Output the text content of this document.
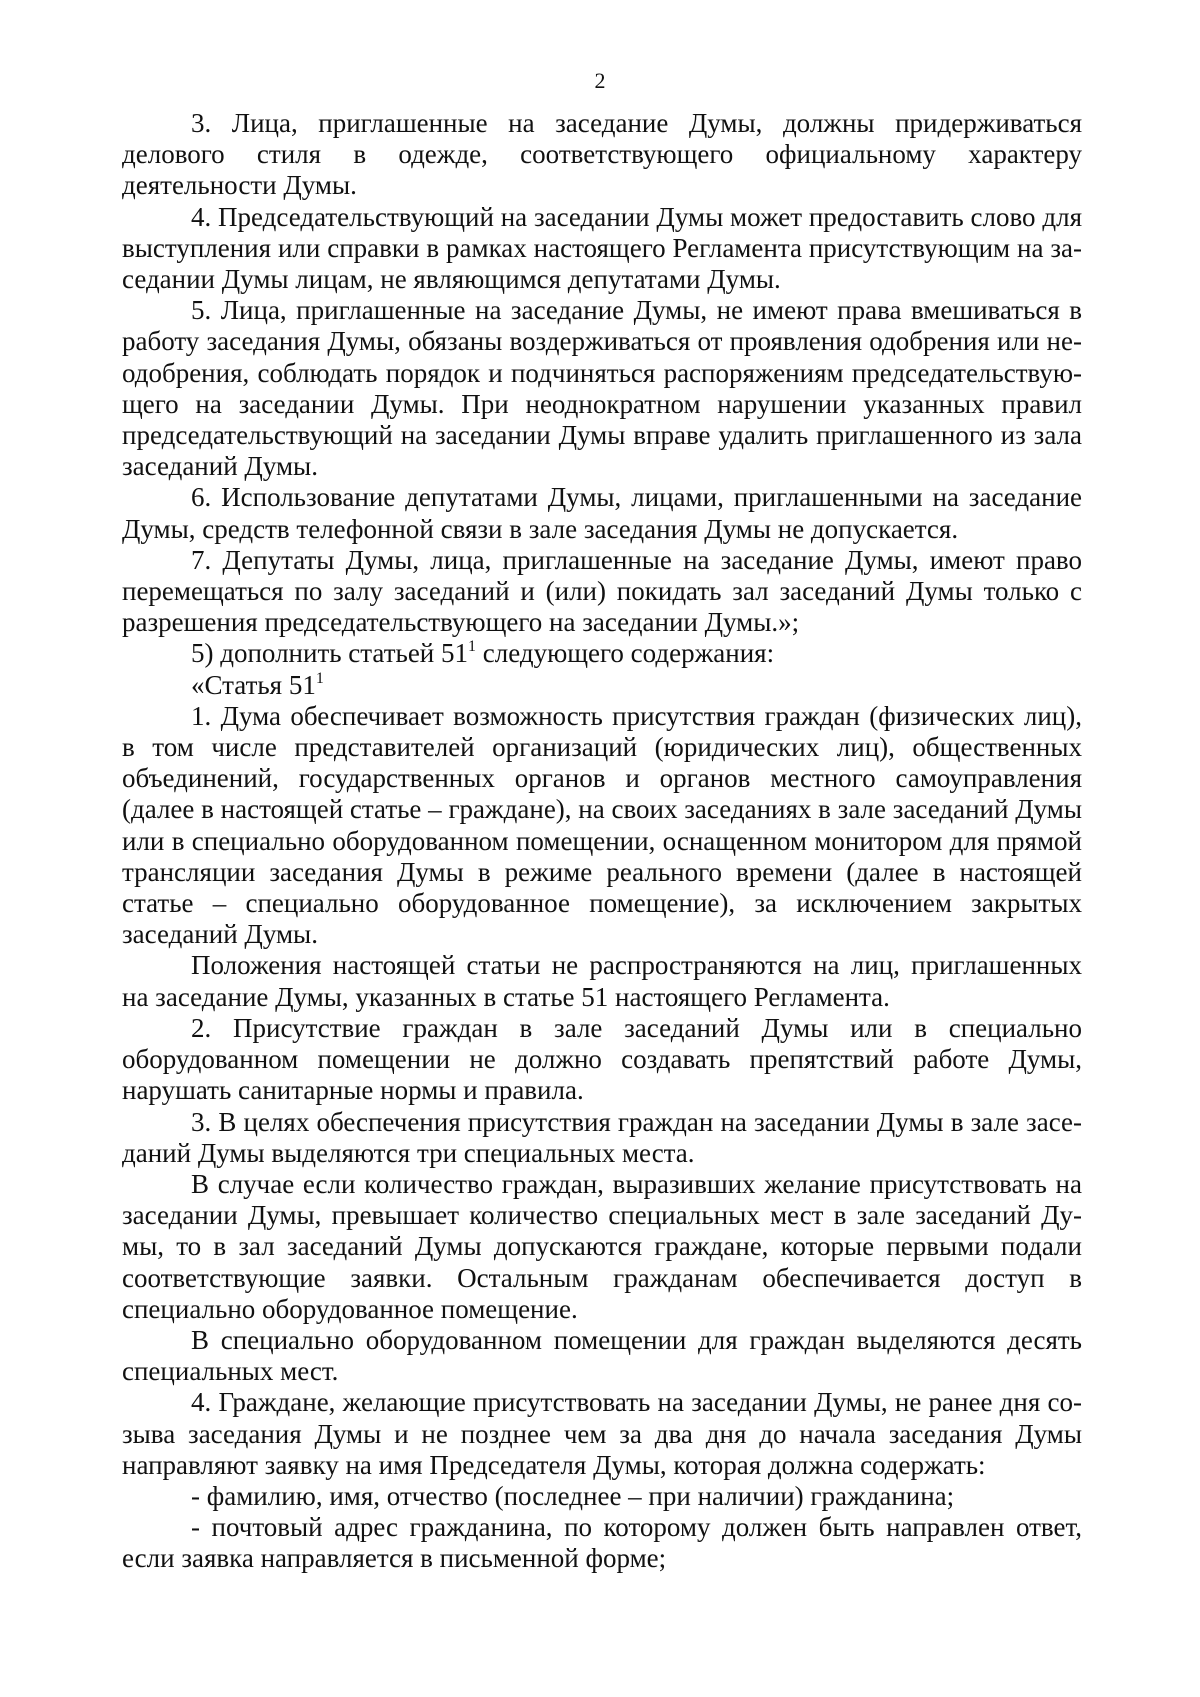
2

3. Лица, приглашенные на заседание Думы, должны придерживаться делового стиля в одежде, соответствующего официальному характеру деятельности Думы.

4. Председательствующий на заседании Думы может предоставить слово для выступления или справки в рамках настоящего Регламента присутствующим на заседании Думы лицам, не являющимся депутатами Думы.

5. Лица, приглашенные на заседание Думы, не имеют права вмешиваться в работу заседания Думы, обязаны воздерживаться от проявления одобрения или неодобрения, соблюдать порядок и подчиняться распоряжениям председательствующего на заседании Думы. При неоднократном нарушении указанных правил председательствующий на заседании Думы вправе удалить приглашенного из зала заседаний Думы.

6. Использование депутатами Думы, лицами, приглашенными на заседание Думы, средств телефонной связи в зале заседания Думы не допускается.

7. Депутаты Думы, лица, приглашенные на заседание Думы, имеют право перемещаться по залу заседаний и (или) покидать зал заседаний Думы только с разрешения председательствующего на заседании Думы.»;

5) дополнить статьей $51^1$ следующего содержания:

«Статья $51^1$

1. Дума обеспечивает возможность присутствия граждан (физических лиц), в том числе представителей организаций (юридических лиц), общественных объединений, государственных органов и органов местного самоуправления (далее в настоящей статье – граждане), на своих заседаниях в зале заседаний Думы или в специально оборудованном помещении, оснащенном монитором для прямой трансляции заседания Думы в режиме реального времени (далее в настоящей статье – специально оборудованное помещение), за исключением закрытых заседаний Думы.

Положения настоящей статьи не распространяются на лиц, приглашенных на заседание Думы, указанных в статье 51 настоящего Регламента.

2. Присутствие граждан в зале заседаний Думы или в специально оборудованном помещении не должно создавать препятствий работе Думы, нарушать санитарные нормы и правила.

3. В целях обеспечения присутствия граждан на заседании Думы в зале заседаний Думы выделяются три специальных места.

В случае если количество граждан, выразивших желание присутствовать на заседании Думы, превышает количество специальных мест в зале заседаний Думы, то в зал заседаний Думы допускаются граждане, которые первыми подали соответствующие заявки. Остальным гражданам обеспечивается доступ в специально оборудованное помещение.

В специально оборудованном помещении для граждан выделяются десять специальных мест.

4. Граждане, желающие присутствовать на заседании Думы, не ранее дня созыва заседания Думы и не позднее чем за два дня до начала заседания Думы направляют заявку на имя Председателя Думы, которая должна содержать:

- фамилию, имя, отчество (последнее – при наличии) гражданина;

- почтовый адрес гражданина, по которому должен быть направлен ответ, если заявка направляется в письменной форме;
